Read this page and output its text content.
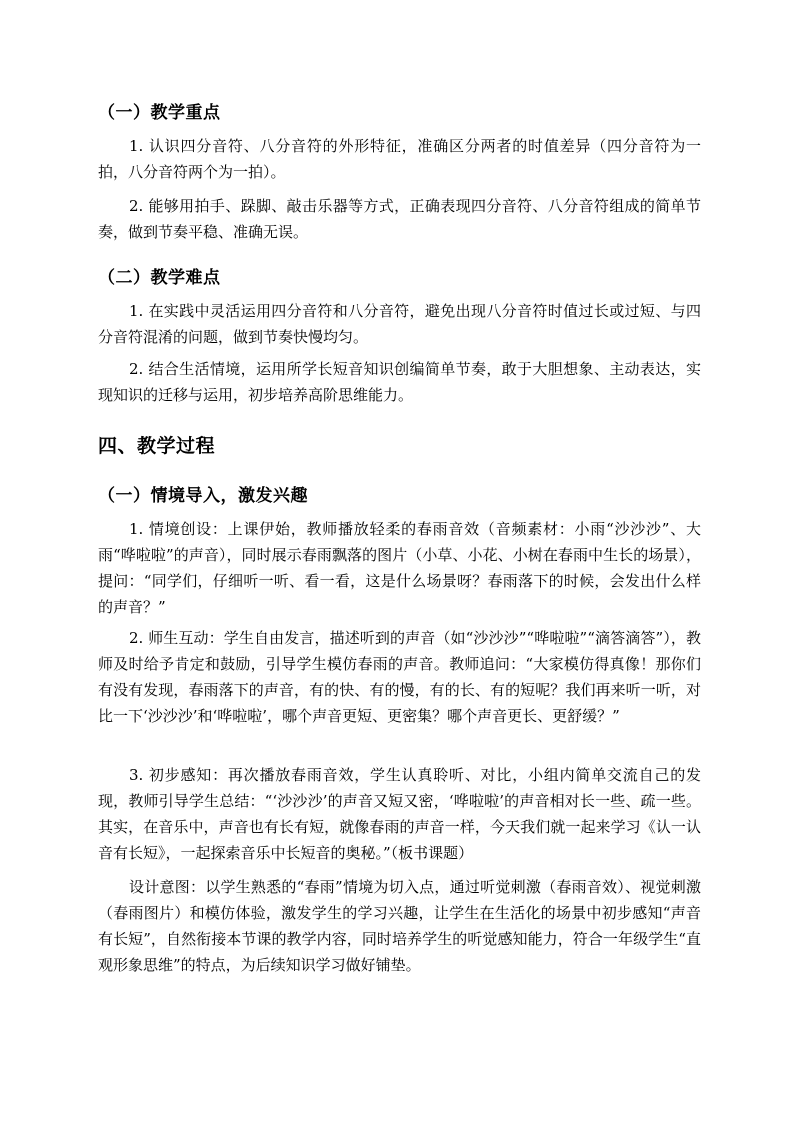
（一）教学重点
1. 认识四分音符、八分音符的外形特征，准确区分两者的时值差异（四分音符为一拍，八分音符两个为一拍）。
2. 能够用拍手、跺脚、敲击乐器等方式，正确表现四分音符、八分音符组成的简单节奏，做到节奏平稳、准确无误。
（二）教学难点
1. 在实践中灵活运用四分音符和八分音符，避免出现八分音符时值过长或过短、与四分音符混淆的问题，做到节奏快慢均匀。
2. 结合生活情境，运用所学长短音知识创编简单节奏，敢于大胆想象、主动表达，实现知识的迁移与运用，初步培养高阶思维能力。
四、教学过程
（一）情境导入，激发兴趣
1. 情境创设：上课伊始，教师播放轻柔的春雨音效（音频素材：小雨“沙沙沙”、大雨“哗啦啦”的声音），同时展示春雨飘落的图片（小草、小花、小树在春雨中生长的场景），提问：“同学们，仔细听一听、看一看，这是什么场景呀？春雨落下的时候，会发出什么样的声音？”
2. 师生互动：学生自由发言，描述听到的声音（如“沙沙沙”“哗啦啦”“滴答滴答”），教师及时给予肯定和鼓励，引导学生模仿春雨的声音。教师追问：“大家模仿得真像！那你们有没有发现，春雨落下的声音，有的快、有的慢，有的长、有的短呢？我们再来听一听，对比一下‘沙沙沙’和‘哗啦啦’，哪个声音更短、更密集？哪个声音更长、更舒缓？”
3. 初步感知：再次播放春雨音效，学生认真聆听、对比，小组内简单交流自己的发现，教师引导学生总结：“‘沙沙沙’的声音又短又密，‘哗啦啦’的声音相对长一些、疏一些。其实，在音乐中，声音也有长有短，就像春雨的声音一样，今天我们就一起来学习《认一认 音有长短》，一起探索音乐中长短音的奥秘。”（板书课题）
设计意图：以学生熟悉的“春雨”情境为切入点，通过听觉刺激（春雨音效）、视觉刺激（春雨图片）和模仿体验，激发学生的学习兴趣，让学生在生活化的场景中初步感知“声音有长短”，自然衔接本节课的教学内容，同时培养学生的听觉感知能力，符合一年级学生“直观形象思维”的特点，为后续知识学习做好铺垫。
